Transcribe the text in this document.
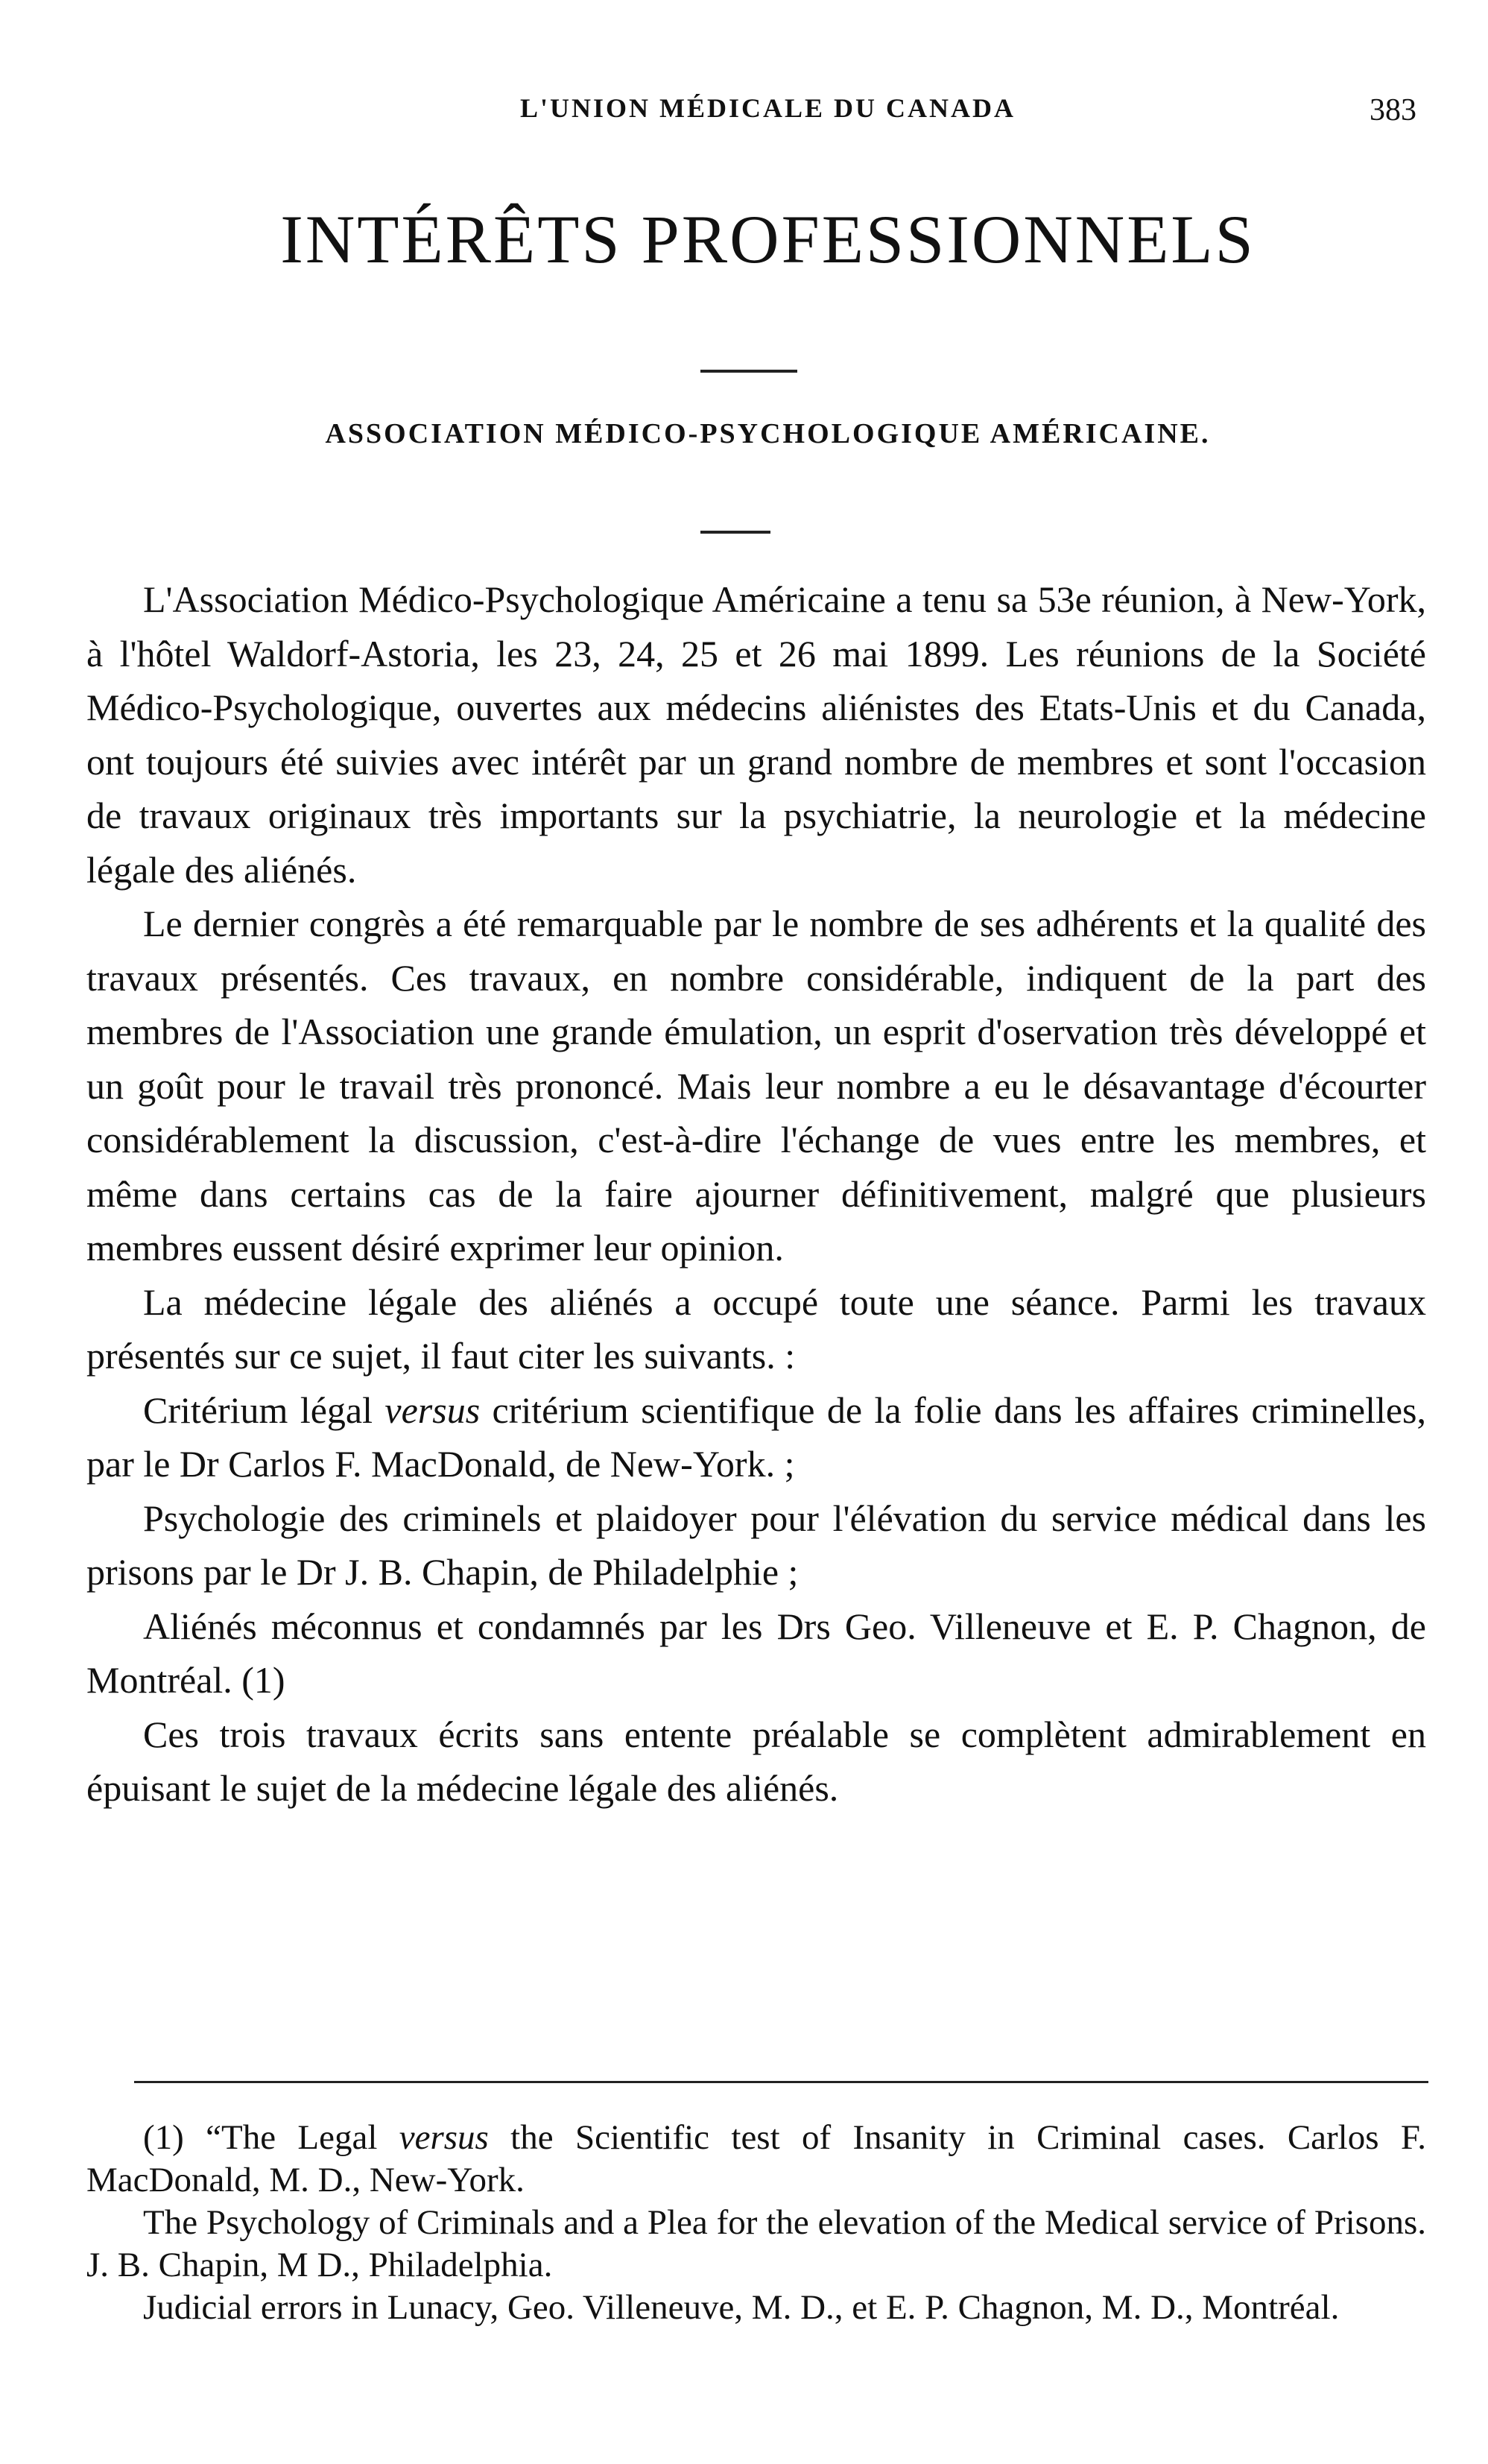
L'UNION MÉDICALE DU CANADA	383
INTÉRÊTS PROFESSIONNELS
ASSOCIATION MÉDICO-PSYCHOLOGIQUE AMÉRICAINE.

L'Association Médico-Psychologique Américaine a tenu sa 53e réunion, à New-York, à l'hôtel Waldorf-Astoria, les 23, 24, 25 et 26 mai 1899. Les réunions de la Société Médico-Psychologique, ouvertes aux médecins aliénistes des Etats-Unis et du Canada, ont toujours été suivies avec intérêt par un grand nombre de membres et sont l'occasion de travaux originaux très importants sur la psychiatrie, la neurologie et la médecine légale des aliénés.

Le dernier congrès a été remarquable par le nombre de ses adhérents et la qualité des travaux présentés. Ces travaux, en nombre considérable, indiquent de la part des membres de l'Association une grande émulation, un esprit d'oservation très développé et un goût pour le travail très prononcé. Mais leur nombre a eu le désavantage d'écourter considérablement la discussion, c'est-à-dire l'échange de vues entre les membres, et même dans certains cas de la faire ajourner définitivement, malgré que plusieurs membres eussent désiré exprimer leur opinion.

La médecine légale des aliénés a occupé toute une séance. Parmi les travaux présentés sur ce sujet, il faut citer les suivants. :

Critérium légal versus critérium scientifique de la folie dans les affaires criminelles, par le Dr Carlos F. MacDonald, de New-York. ;

Psychologie des criminels et plaidoyer pour l'élévation du service médical dans les prisons par le Dr J. B. Chapin, de Philadelphie ;

Aliénés méconnus et condamnés par les Drs Geo. Villeneuve et E. P. Chagnon, de Montréal. (1)

Ces trois travaux écrits sans entente préalable se complètent admirablement en épuisant le sujet de la médecine légale des aliénés.

(1) “The Legal versus the Scientific test of Insanity in Criminal cases. Carlos F. MacDonald, M. D., New-York.

The Psychology of Criminals and a Plea for the elevation of the Medical service of Prisons. J. B. Chapin, M D., Philadelphia.

Judicial errors in Lunacy, Geo. Villeneuve, M. D., et E. P. Chagnon, M. D., Montréal.
